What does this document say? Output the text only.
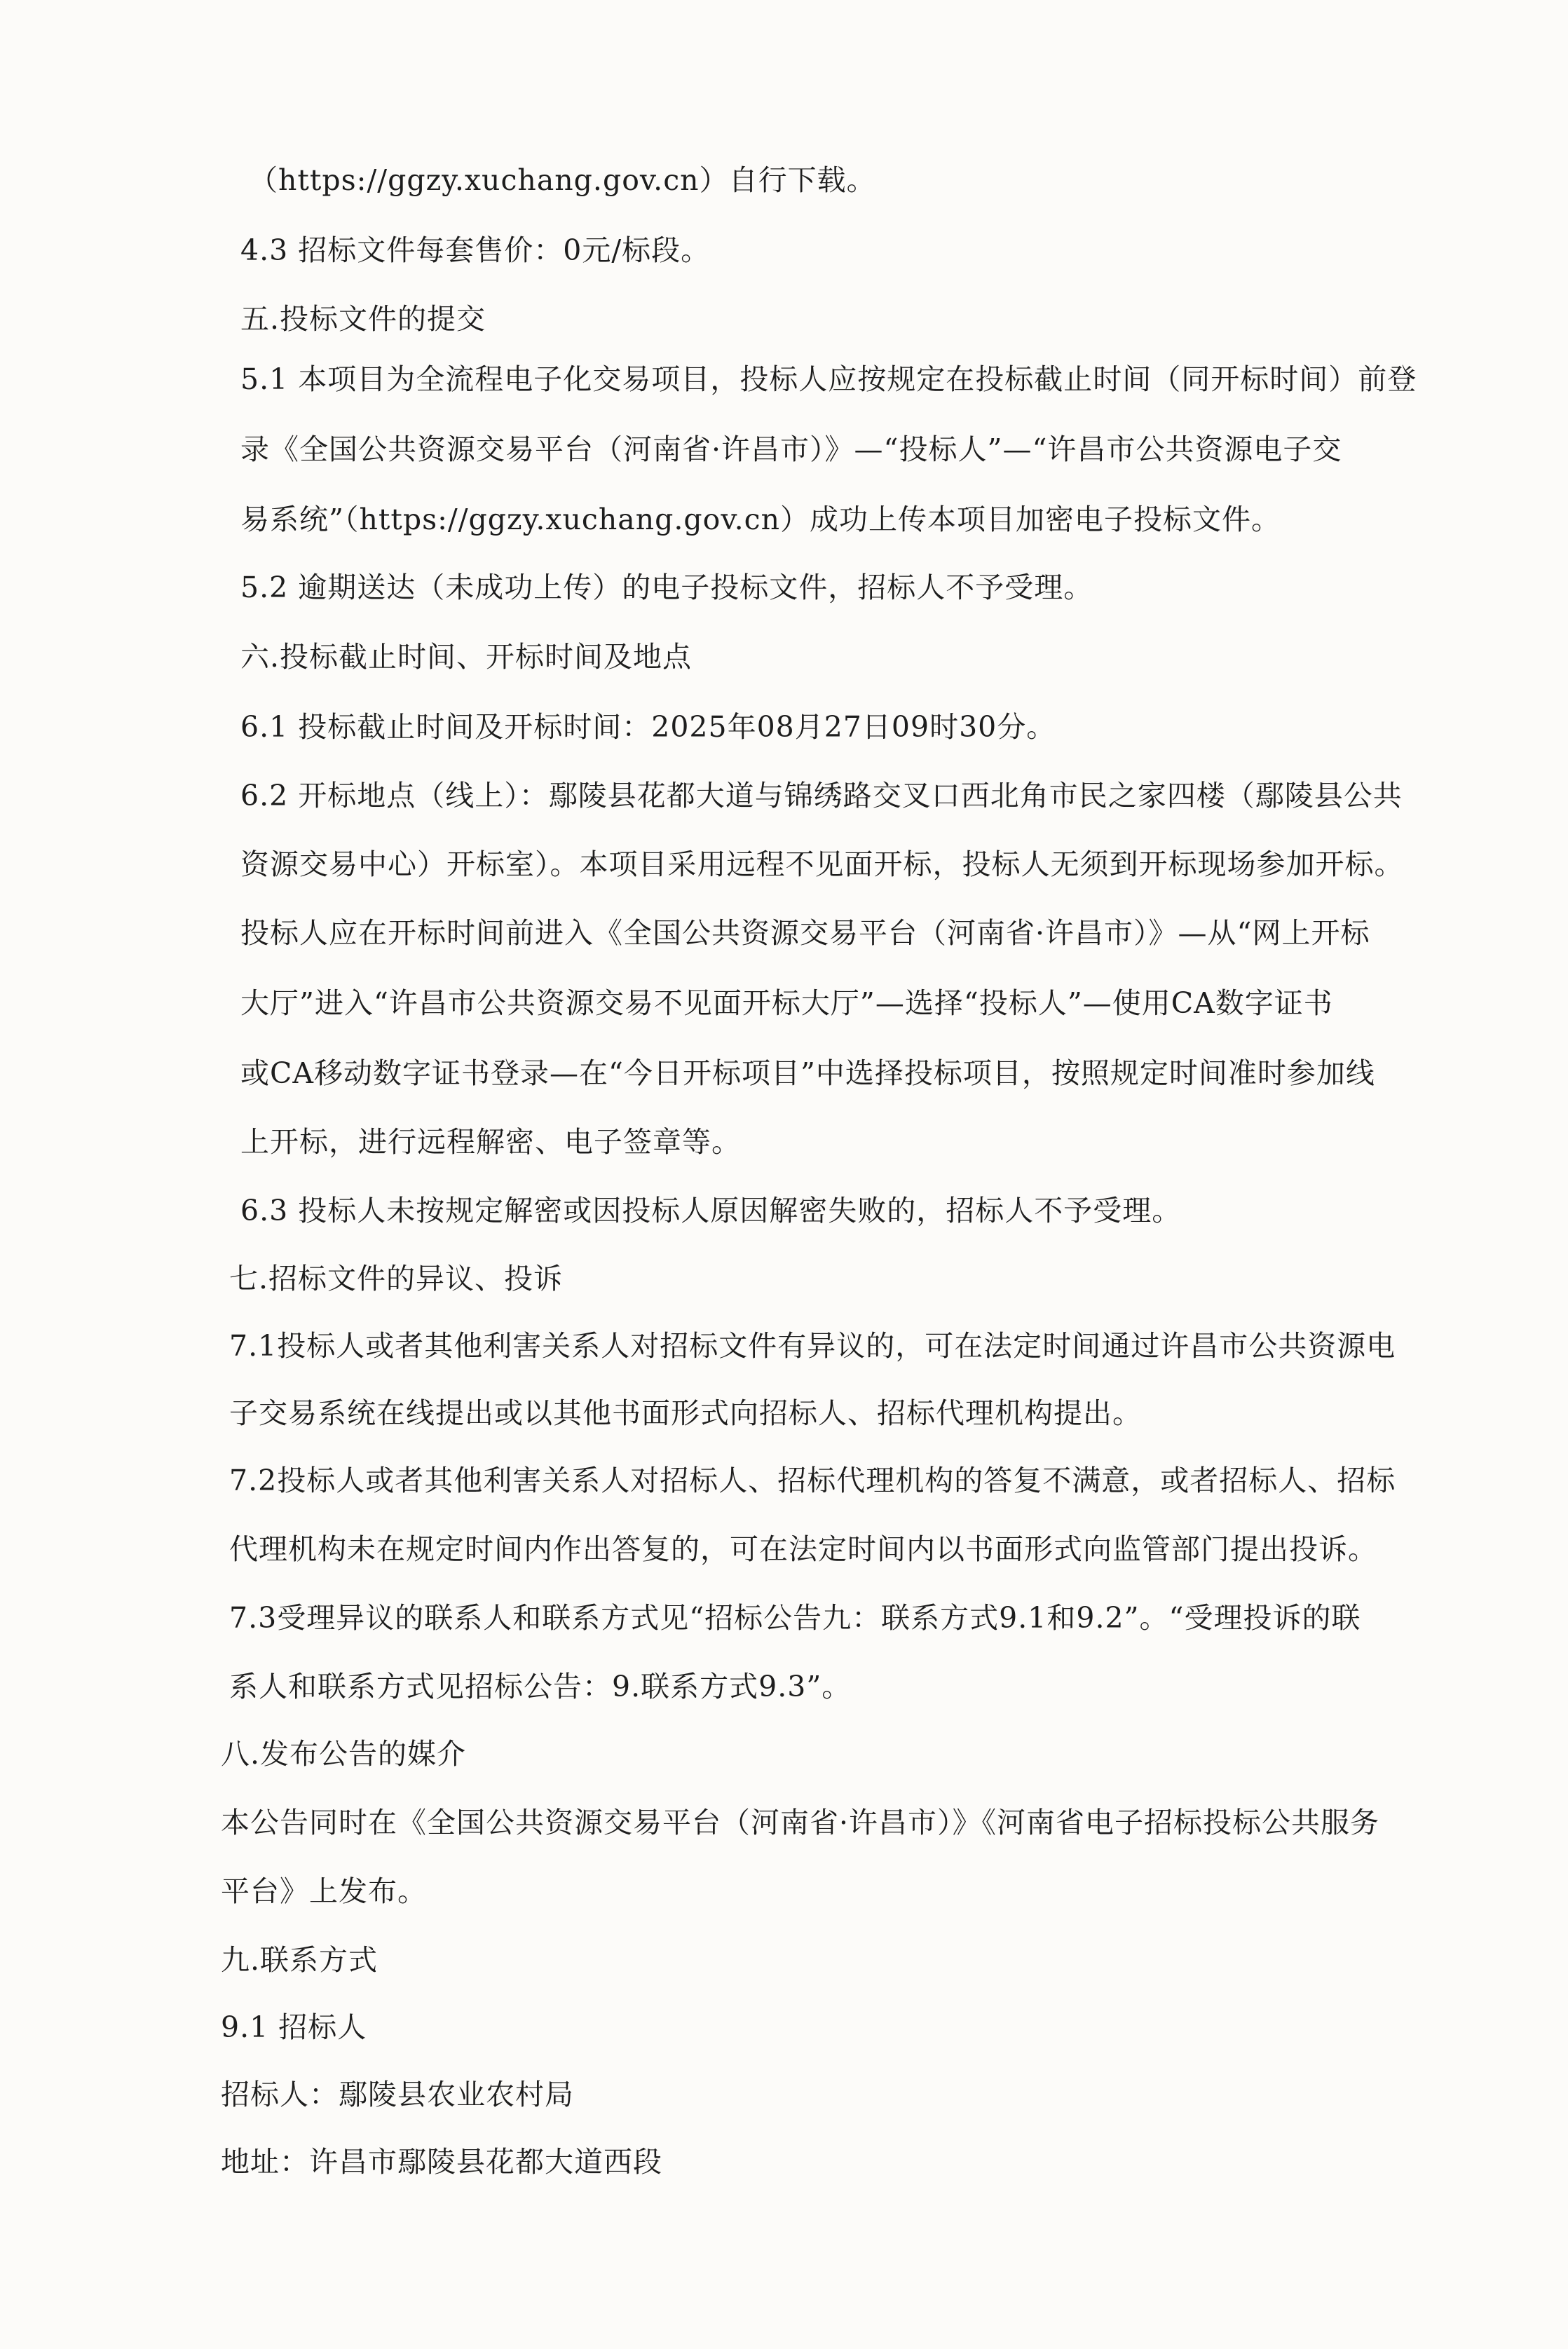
（https://ggzy.xuchang.gov.cn）自行下载。
4.3 招标文件每套售价：0元/标段。
五.投标文件的提交
5.1 本项目为全流程电子化交易项目，投标人应按规定在投标截止时间（同开标时间）前登
录《全国公共资源交易平台（河南省·许昌市）》—“投标人”—“许昌市公共资源电子交
易系统”（https://ggzy.xuchang.gov.cn）成功上传本项目加密电子投标文件。
5.2 逾期送达（未成功上传）的电子投标文件，招标人不予受理。
六.投标截止时间、开标时间及地点
6.1 投标截止时间及开标时间：2025年08月27日09时30分。
6.2 开标地点（线上）：鄢陵县花都大道与锦绣路交叉口西北角市民之家四楼（鄢陵县公共
资源交易中心）开标室）。本项目采用远程不见面开标，投标人无须到开标现场参加开标。
投标人应在开标时间前进入《全国公共资源交易平台（河南省·许昌市）》—从“网上开标
大厅”进入“许昌市公共资源交易不见面开标大厅”—选择“投标人”—使用CA数字证书
或CA移动数字证书登录—在“今日开标项目”中选择投标项目，按照规定时间准时参加线
上开标，进行远程解密、电子签章等。
6.3 投标人未按规定解密或因投标人原因解密失败的，招标人不予受理。
七.招标文件的异议、投诉
7.1投标人或者其他利害关系人对招标文件有异议的，可在法定时间通过许昌市公共资源电
子交易系统在线提出或以其他书面形式向招标人、招标代理机构提出。
7.2投标人或者其他利害关系人对招标人、招标代理机构的答复不满意，或者招标人、招标
代理机构未在规定时间内作出答复的，可在法定时间内以书面形式向监管部门提出投诉。
7.3受理异议的联系人和联系方式见“招标公告九：联系方式9.1和9.2”。“受理投诉的联
系人和联系方式见招标公告：9.联系方式9.3”。
八.发布公告的媒介
本公告同时在《全国公共资源交易平台（河南省·许昌市）》《河南省电子招标投标公共服务
平台》上发布。
九.联系方式
9.1 招标人
招标人：鄢陵县农业农村局
地址：许昌市鄢陵县花都大道西段
